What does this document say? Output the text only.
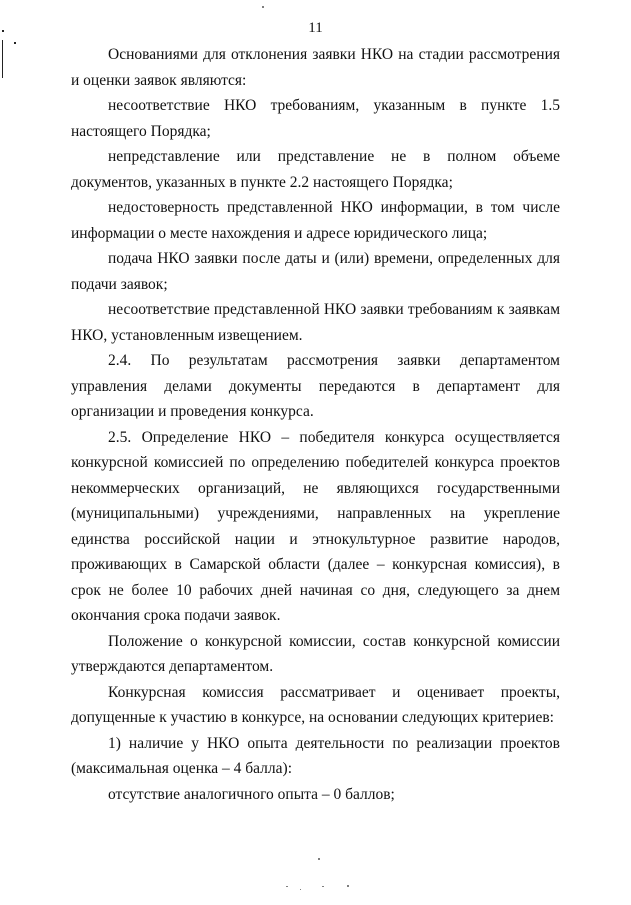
11

Основаниями для отклонения заявки НКО на стадии рассмотрения и оценки заявок являются:

несоответствие НКО требованиям, указанным в пункте 1.5 настоящего Порядка;

непредставление или представление не в полном объеме документов, указанных в пункте 2.2 настоящего Порядка;

недостоверность представленной НКО информации, в том числе информации о месте нахождения и адресе юридического лица;

подача НКО заявки после даты и (или) времени, определенных для подачи заявок;

несоответствие представленной НКО заявки требованиям к заявкам НКО, установленным извещением.

2.4. По результатам рассмотрения заявки департаментом управления делами документы передаются в департамент для организации и проведения конкурса.

2.5. Определение НКО – победителя конкурса осуществляется конкурсной комиссией по определению победителей конкурса проектов некоммерческих организаций, не являющихся государственными (муниципальными) учреждениями, направленных на укрепление единства российской нации и этнокультурное развитие народов, проживающих в Самарской области (далее – конкурсная комиссия), в срок не более 10 рабочих дней начиная со дня, следующего за днем окончания срока подачи заявок.

Положение о конкурсной комиссии, состав конкурсной комиссии утверждаются департаментом.

Конкурсная комиссия рассматривает и оценивает проекты, допущенные к участию в конкурсе, на основании следующих критериев:

1) наличие у НКО опыта деятельности по реализации проектов (максимальная оценка – 4 балла):

отсутствие аналогичного опыта – 0 баллов;
